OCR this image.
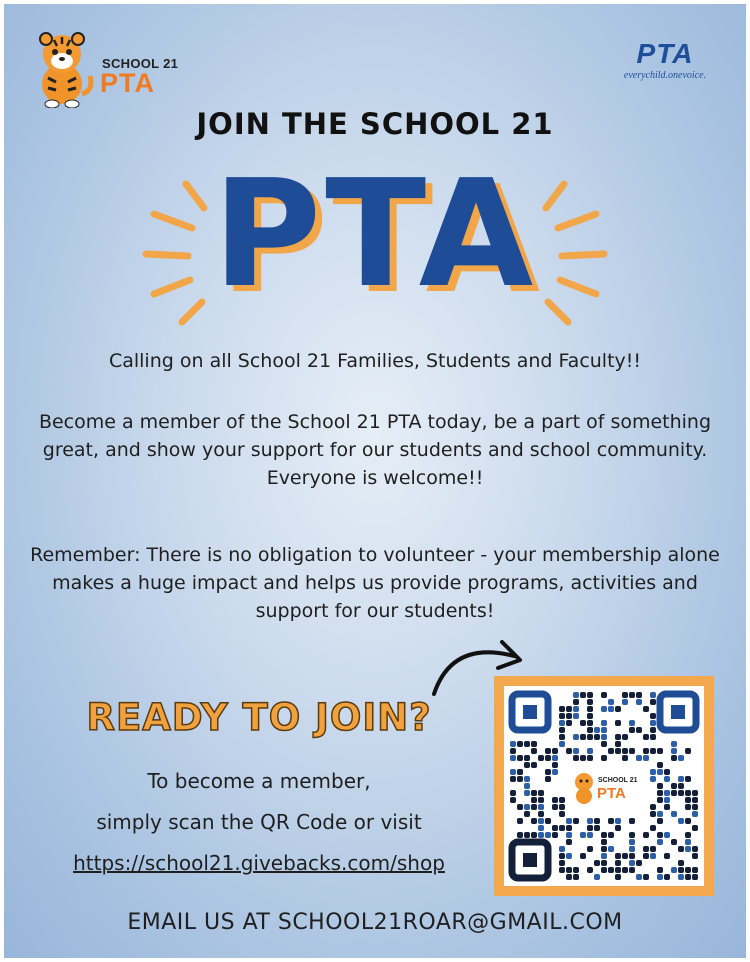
SCHOOL 21
PTA
PTA
everychild.onevoice.
JOIN THE SCHOOL 21
PTA
Calling on all School 21 Families, Students and Faculty!!
Become a member of the School 21 PTA today, be a part of something great, and show your support for our students and school community. Everyone is welcome!!
Remember: There is no obligation to volunteer - your membership alone makes a huge impact and helps us provide programs, activities and support for our students!
READY TO JOIN?
To become a member,
simply scan the QR Code or visit
https://school21.givebacks.com/shop
SCHOOL 21
PTA
EMAIL US AT SCHOOL21ROAR@GMAIL.COM
